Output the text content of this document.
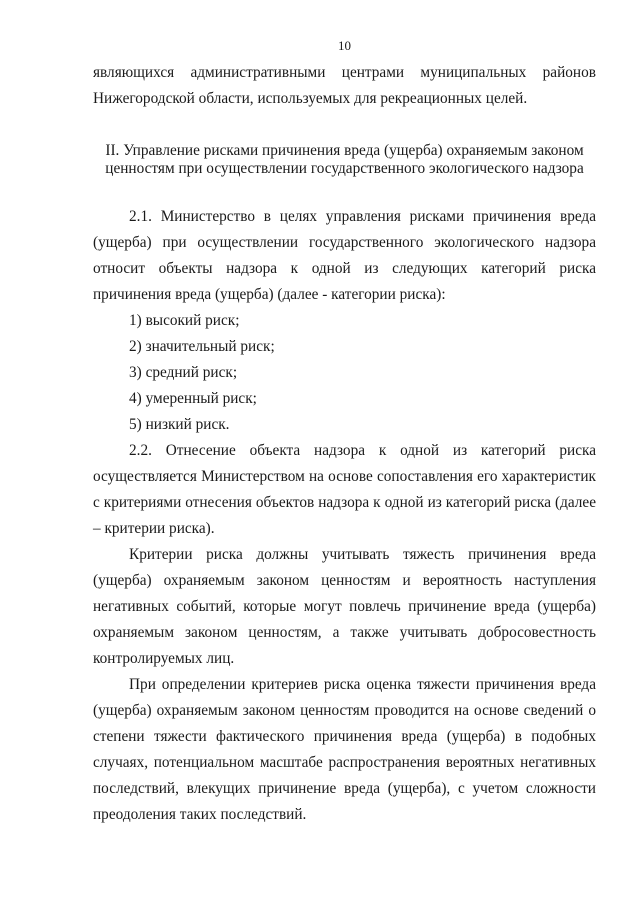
10

являющихся административными центрами муниципальных районов Нижегородской области, используемых для рекреационных целей.

II. Управление рисками причинения вреда (ущерба) охраняемым законом ценностям при осуществлении государственного экологического надзора

2.1. Министерство в целях управления рисками причинения вреда (ущерба) при осуществлении государственного экологического надзора относит объекты надзора к одной из следующих категорий риска причинения вреда (ущерба) (далее - категории риска):

1) высокий риск;
2) значительный риск;
3) средний риск;
4) умеренный риск;
5) низкий риск.

2.2. Отнесение объекта надзора к одной из категорий риска осуществляется Министерством на основе сопоставления его характеристик с критериями отнесения объектов надзора к одной из категорий риска (далее – критерии риска).

Критерии риска должны учитывать тяжесть причинения вреда (ущерба) охраняемым законом ценностям и вероятность наступления негативных событий, которые могут повлечь причинение вреда (ущерба) охраняемым законом ценностям, а также учитывать добросовестность контролируемых лиц.

При определении критериев риска оценка тяжести причинения вреда (ущерба) охраняемым законом ценностям проводится на основе сведений о степени тяжести фактического причинения вреда (ущерба) в подобных случаях, потенциальном масштабе распространения вероятных негативных последствий, влекущих причинение вреда (ущерба), с учетом сложности преодоления таких последствий.
